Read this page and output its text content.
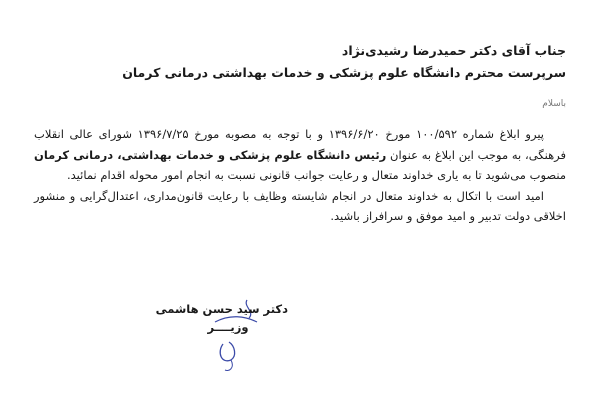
جناب آقای دکتر حمیدرضا رشیدی‌نژاد
سرپرست محترم دانشگاه علوم پزشکی و خدمات بهداشتی درمانی کرمان
با‌سلام

پیرو ابلاغ شماره ۱۰۰/۵۹۲ مورخ ۱۳۹۶/۶/۲۰ و با توجه به مصوبه مورخ ۱۳۹۶/۷/۲۵ شورای عالی انقلاب فرهنگی، به موجب این ابلاغ به عنوان رئیس دانشگاه علوم پزشکی و خدمات بهداشتی، درمانی کرمان منصوب می‌شوید تا به یاری خداوند متعال و رعایت جوانب قانونی نسبت به انجام امور محوله اقدام نمائید.

امید است با اتکال به خداوند متعال در انجام شایسته وظایف با رعایت قانون‌مداری، اعتدال‌گرایی و منشور اخلاقی دولت تدبیر و امید موفق و سرافراز باشید.

دکتر سید حسن هاشمی
وزیــــر
